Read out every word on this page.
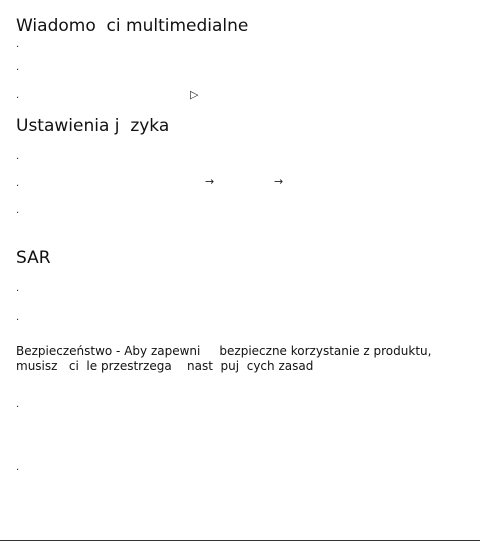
Wiadomo  ci multimedialne
.
.
.	▷
Ustawienia j  zyka
.
.	→	→
.
SAR
.
.
Bezpieczeństwo - Aby zapewni     bezpieczne korzystanie z produktu,
musisz   ci  le przestrzega    nast  puj  cych zasad
.
.
